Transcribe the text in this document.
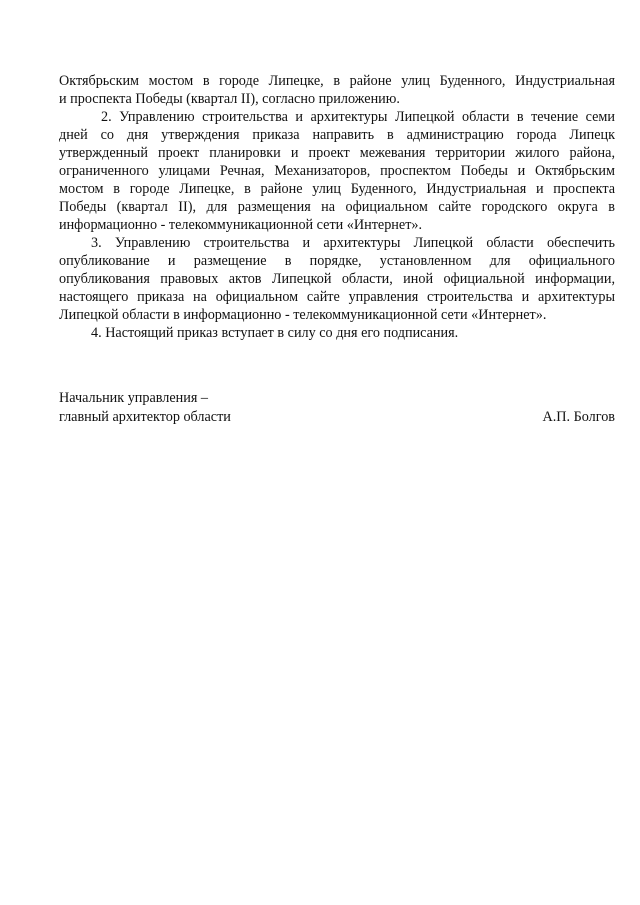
Октябрьским мостом в городе Липецке, в районе улиц Буденного, Индустриальная
и проспекта Победы (квартал II), согласно приложению.
2. Управлению строительства и архитектуры Липецкой области в течение семи
дней со дня утверждения приказа направить в администрацию города Липецк
утвержденный проект планировки и проект межевания территории жилого района,
ограниченного улицами Речная, Механизаторов, проспектом Победы и Октябрьским
мостом в городе Липецке, в районе улиц Буденного, Индустриальная и проспекта
Победы (квартал II), для размещения на официальном сайте городского округа в
информационно - телекоммуникационной сети «Интернет».
3. Управлению строительства и архитектуры Липецкой области обеспечить
опубликование и размещение в порядке, установленном для официального
опубликования правовых актов Липецкой области, иной официальной информации,
настоящего приказа на официальном сайте управления строительства и архитектуры
Липецкой области в информационно - телекоммуникационной сети «Интернет».
4. Настоящий приказ вступает в силу со дня его подписания.
Начальник управления –
главный архитектор области	А.П. Болгов
